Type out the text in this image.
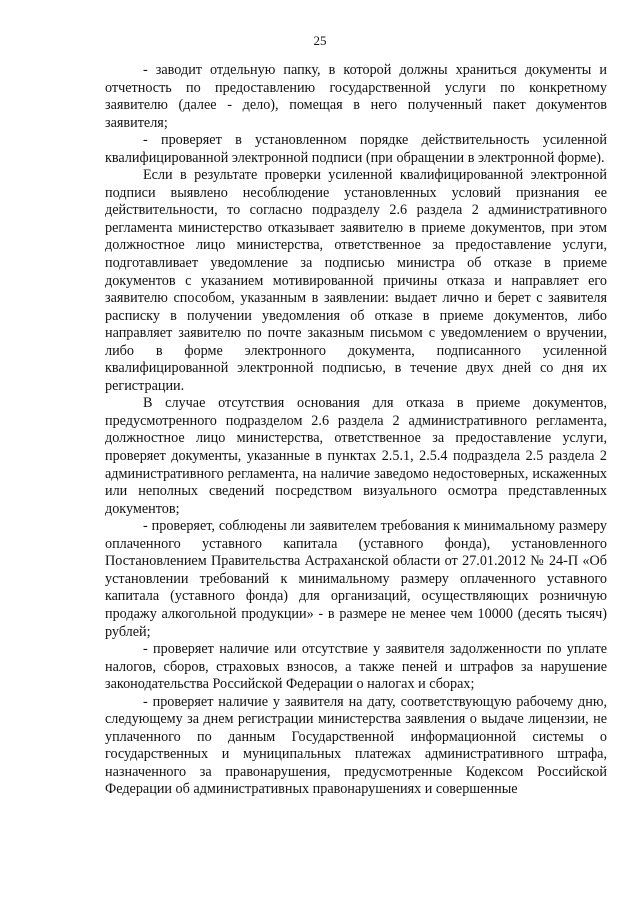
25

- заводит отдельную папку, в которой должны храниться документы и отчетность по предоставлению государственной услуги по конкретному заявителю (далее - дело), помещая в него полученный пакет документов заявителя;

- проверяет в установленном порядке действительность усиленной квалифицированной электронной подписи (при обращении в электронной форме).

Если в результате проверки усиленной квалифицированной электронной подписи выявлено несоблюдение установленных условий признания ее действительности, то согласно подразделу 2.6 раздела 2 административного регламента министерство отказывает заявителю в приеме документов, при этом должностное лицо министерства, ответственное за предоставление услуги, подготавливает уведомление за подписью министра об отказе в приеме документов с указанием мотивированной причины отказа и направляет его заявителю способом, указанным в заявлении: выдает лично и берет с заявителя расписку в получении уведомления об отказе в приеме документов, либо направляет заявителю по почте заказным письмом с уведомлением о вручении, либо в форме электронного документа, подписанного усиленной квалифицированной электронной подписью, в течение двух дней со дня их регистрации.

В случае отсутствия основания для отказа в приеме документов, предусмотренного подразделом 2.6 раздела 2 административного регламента, должностное лицо министерства, ответственное за предоставление услуги, проверяет документы, указанные в пунктах 2.5.1, 2.5.4 подраздела 2.5 раздела 2 административного регламента, на наличие заведомо недостоверных, искаженных или неполных сведений посредством визуального осмотра представленных документов;

- проверяет, соблюдены ли заявителем требования к минимальному размеру оплаченного уставного капитала (уставного фонда), установленного Постановлением Правительства Астраханской области от 27.01.2012 № 24-П «Об установлении требований к минимальному размеру оплаченного уставного капитала (уставного фонда) для организаций, осуществляющих розничную продажу алкогольной продукции» - в размере не менее чем 10000 (десять тысяч) рублей;

- проверяет наличие или отсутствие у заявителя задолженности по уплате налогов, сборов, страховых взносов, а также пеней и штрафов за нарушение законодательства Российской Федерации о налогах и сборах;

- проверяет наличие у заявителя на дату, соответствующую рабочему дню, следующему за днем регистрации министерства заявления о выдаче лицензии, не уплаченного по данным Государственной информационной системы о государственных и муниципальных платежах административного штрафа, назначенного за правонарушения, предусмотренные Кодексом Российской Федерации об административных правонарушениях и совершенные
